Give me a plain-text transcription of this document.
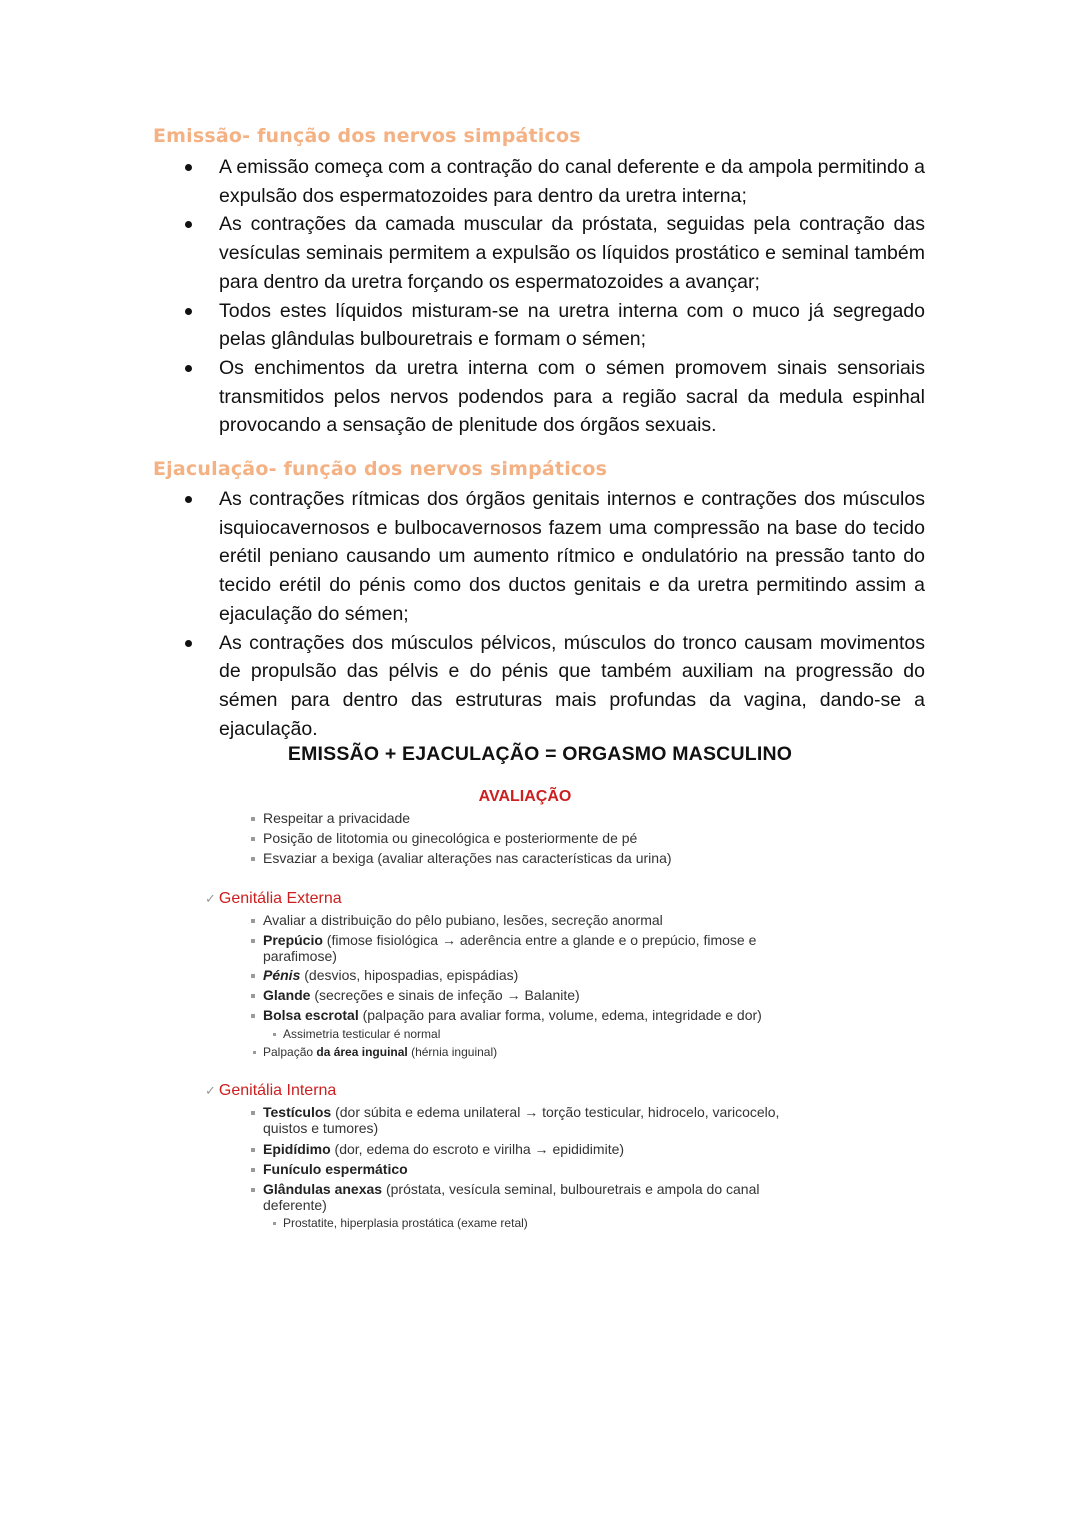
Emissão- função dos nervos simpáticos
A emissão começa com a contração do canal deferente e da ampola permitindo a expulsão dos espermatozoides para dentro da uretra interna;
As contrações da camada muscular da próstata, seguidas pela contração das vesículas seminais permitem a expulsão os líquidos prostático e seminal também para dentro da uretra forçando os espermatozoides a avançar;
Todos estes líquidos misturam-se na uretra interna com o muco já segregado pelas glândulas bulbouretrais e formam o sémen;
Os enchimentos da uretra interna com o sémen promovem sinais sensoriais transmitidos pelos nervos podendos para a região sacral da medula espinhal provocando a sensação de plenitude dos órgãos sexuais.
Ejaculação- função dos nervos simpáticos
As contrações rítmicas dos órgãos genitais internos e contrações dos músculos isquiocavernosos e bulbocavernosos fazem uma compressão na base do tecido erétil peniano causando um aumento rítmico e ondulatório na pressão tanto do tecido erétil do pénis como dos ductos genitais e da uretra permitindo assim a ejaculação do sémen;
As contrações dos músculos pélvicos, músculos do tronco causam movimentos de propulsão das pélvis e do pénis que também auxiliam na progressão do sémen para dentro das estruturas mais profundas da vagina, dando-se a ejaculação.
EMISSÃO + EJACULAÇÃO = ORGASMO MASCULINO
AVALIAÇÃO
Respeitar a privacidade
Posição de litotomia ou ginecológica e posteriormente de pé
Esvaziar a bexiga (avaliar alterações nas características da urina)
✓ Genitália Externa
Avaliar a distribuição do pêlo pubiano, lesões, secreção anormal
Prepúcio (fimose fisiológica → aderência entre a glande e o prepúcio, fimose e
parafimose)
Pénis (desvios, hipospadias, epispádias)
Glande (secreções e sinais de infeção → Balanite)
Bolsa escrotal (palpação para avaliar forma, volume, edema, integridade e dor)
Assimetria testicular é normal
Palpação da área inguinal (hérnia inguinal)
✓ Genitália Interna
Testículos (dor súbita e edema unilateral → torção testicular, hidrocelo, varicocelo,
quistos e tumores)
Epidídimo (dor, edema do escroto e virilha → epididimite)
Funículo espermático
Glândulas anexas (próstata, vesícula seminal, bulbouretrais e ampola do canal
deferente)
Prostatite, hiperplasia prostática (exame retal)
